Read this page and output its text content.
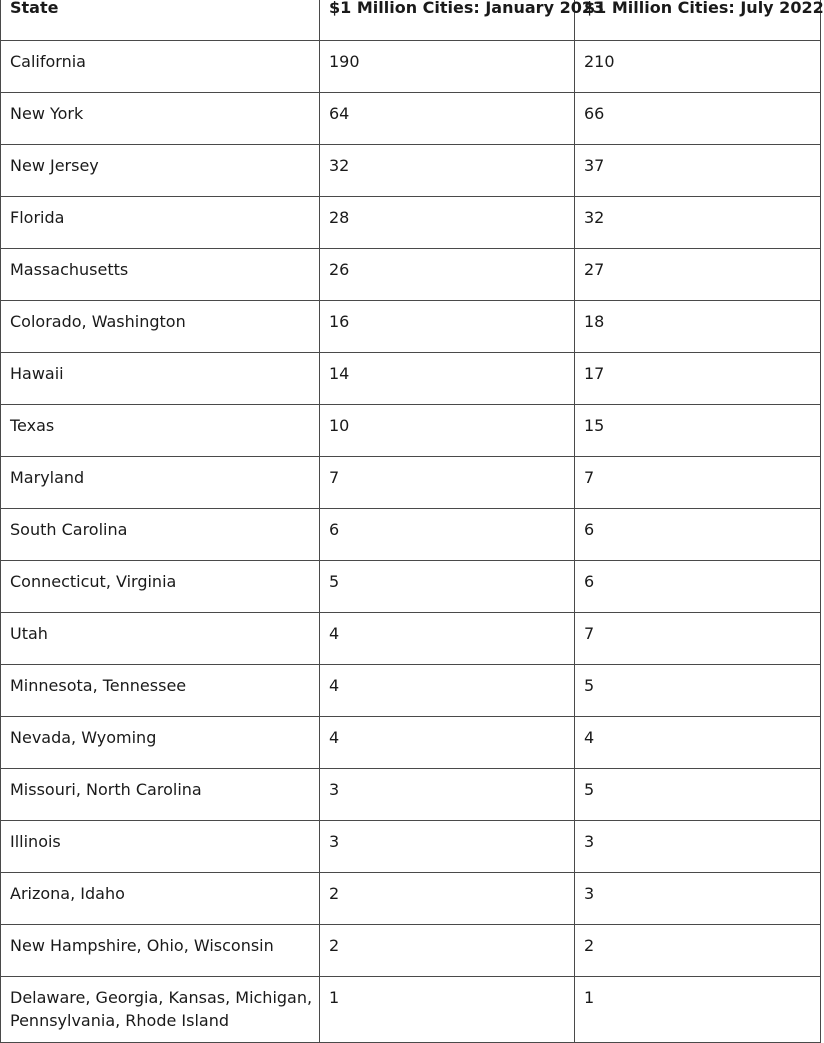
State	$1 Million Cities: January 2023	$1 Million Cities: July 2022
California	190	210
New York	64	66
New Jersey	32	37
Florida	28	32
Massachusetts	26	27
Colorado, Washington	16	18
Hawaii	14	17
Texas	10	15
Maryland	7	7
South Carolina	6	6
Connecticut, Virginia	5	6
Utah	4	7
Minnesota, Tennessee	4	5
Nevada, Wyoming	4	4
Missouri, North Carolina	3	5
Illinois	3	3
Arizona, Idaho	2	3
New Hampshire, Ohio, Wisconsin	2	2
Delaware, Georgia, Kansas, Michigan, Pennsylvania, Rhode Island	1	1
